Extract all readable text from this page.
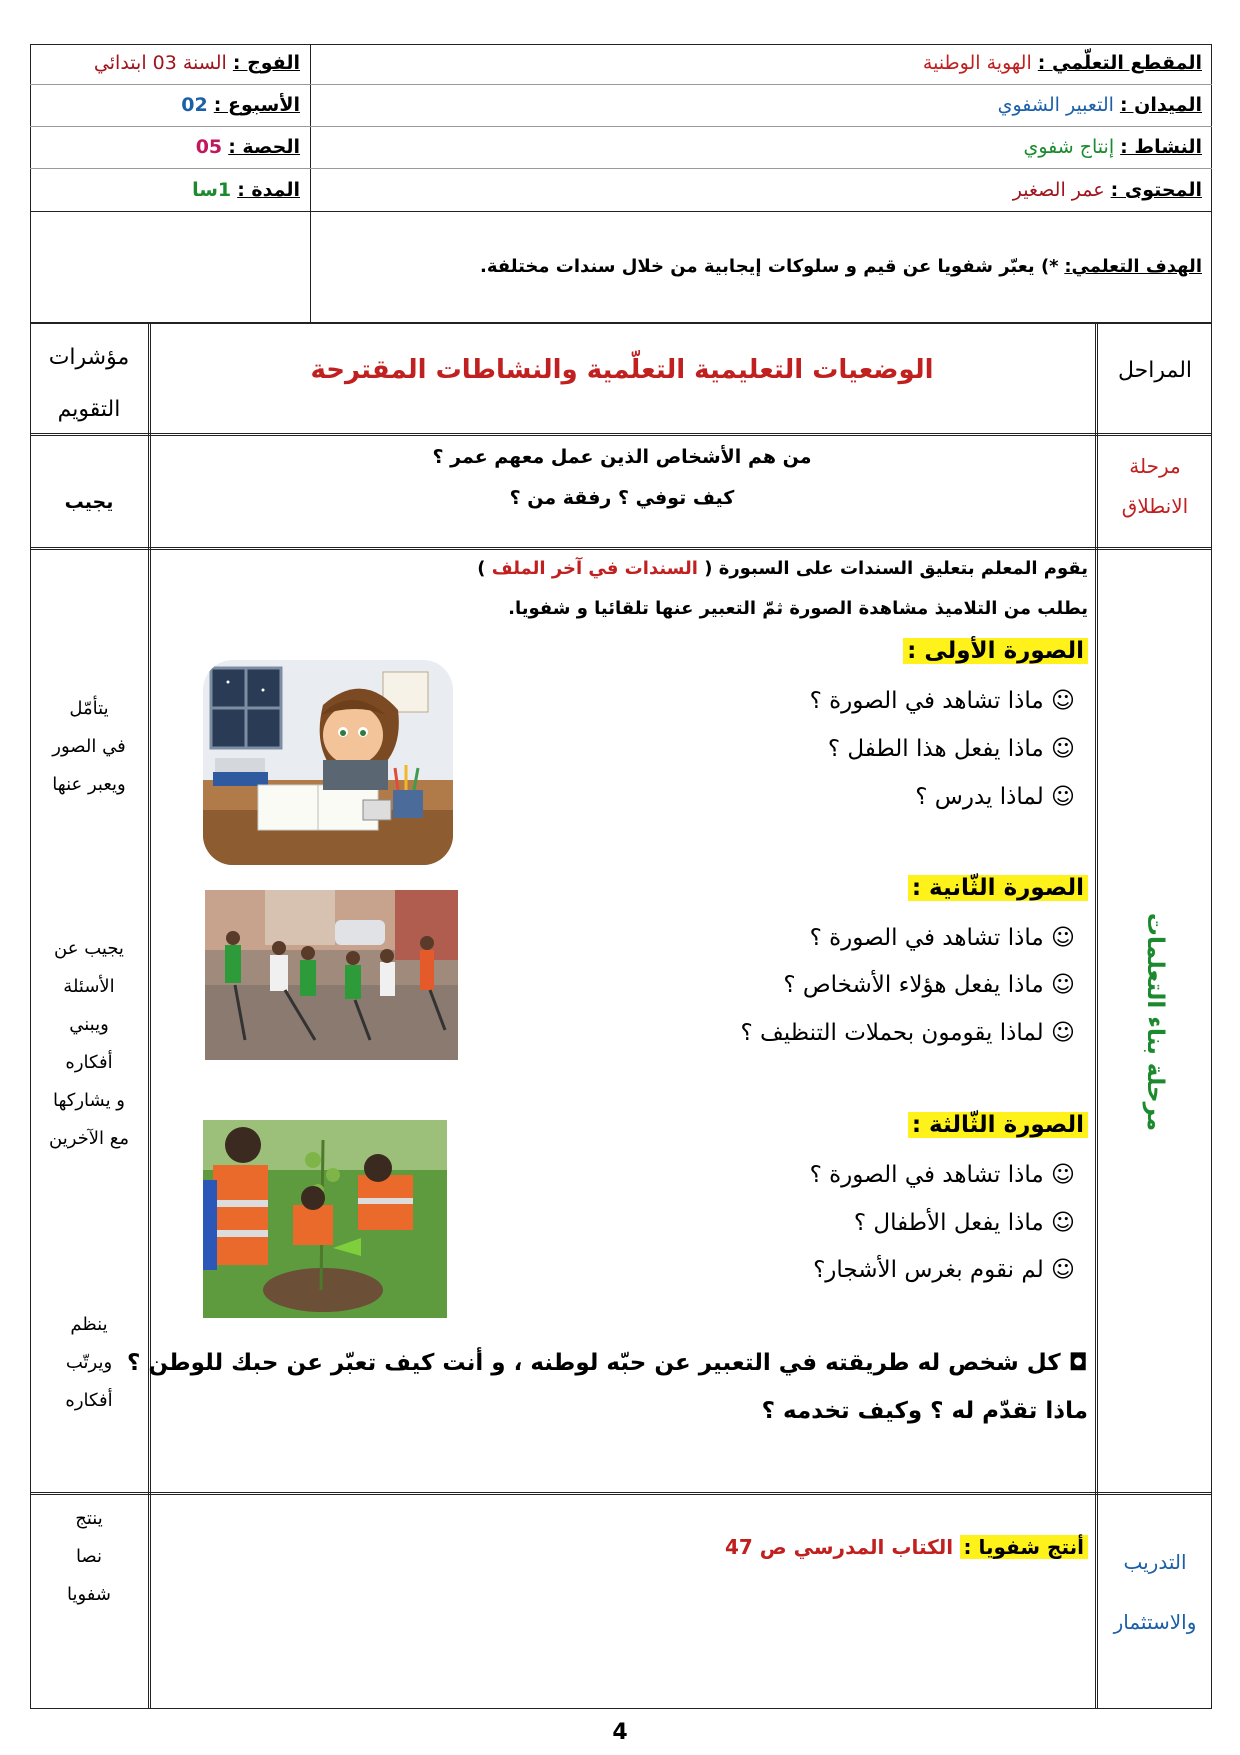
المقطع التعلّمي : الهوية الوطنية
الفوج : السنة 03 ابتدائي
الميدان : التعبير الشفوي
الأسبوع : 02
النشاط : إنتاج شفوي
الحصة : 05
المحتوى : عمر الصغير
المدة : 1سا
الهدف التعلمي: *) يعبّر شفويا عن قيم و سلوكات إيجابية من خلال سندات مختلفة.
المراحل
الوضعيات التعليمية التعلّمية والنشاطات المقترحة
مؤشرات
التقويم
مرحلة
الانطلاق
من هم الأشخاص الذين عمل معهم عمر ؟
كيف توفي ؟ رفقة من ؟
يجيب
مرحلة بناء التعلمات
يقوم المعلم بتعليق السندات على السبورة ( السندات في آخر الملف )
يطلب من التلاميذ مشاهدة الصورة ثمّ التعبير عنها تلقائيا و شفويا.
الصورة الأولى :
☺ ماذا تشاهد في الصورة ؟
☺ ماذا يفعل هذا الطفل ؟
☺ لماذا يدرس ؟
الصورة الثّانية :
☺ ماذا تشاهد في الصورة ؟
☺ ماذا يفعل هؤلاء الأشخاص ؟
☺ لماذا يقومون بحملات التنظيف ؟
الصورة الثّالثة :
☺ ماذا تشاهد في الصورة ؟
☺ ماذا يفعل الأطفال ؟
☺ لم نقوم بغرس الأشجار؟
◘ كل شخص له طريقته في التعبير عن حبّه لوطنه ، و أنت كيف تعبّر عن حبك للوطن ؟
ماذا تقدّم له ؟ وكيف تخدمه ؟
يتأمّل
في الصور
ويعبر عنها
يجيب عن
الأسئلة
ويبني
أفكاره
و يشاركها
مع الآخرين
ينظم
ويرتّب
أفكاره
التدريب
والاستثمار
أنتج شفويا : الكتاب المدرسي ص 47
ينتج
نصا
شفويا
4
